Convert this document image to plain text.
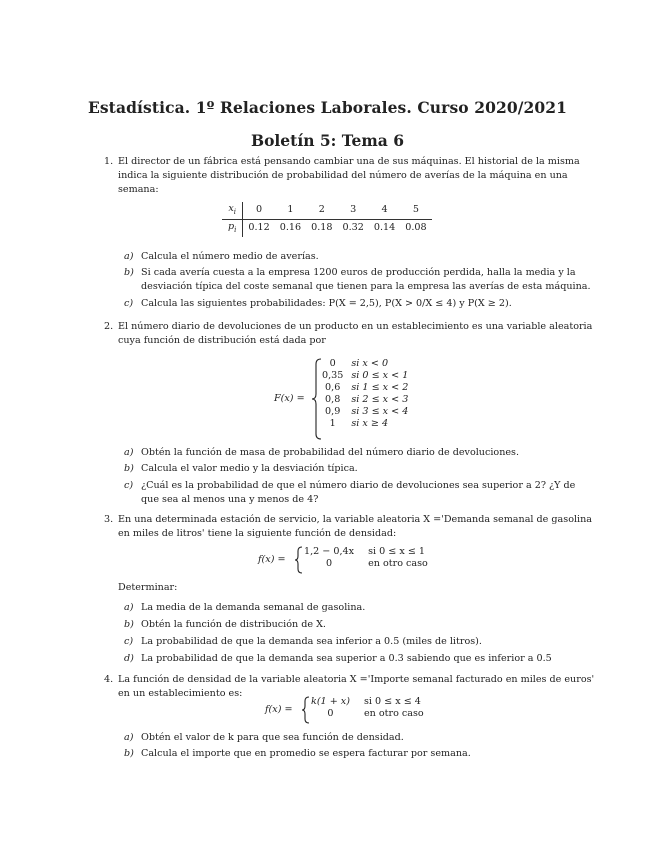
Estadística. 1º Relaciones Laborales. Curso 2020/2021
Boletín 5: Tema 6
1. El director de un fábrica está pensando cambiar una de sus máquinas. El historial de la misma
indica la siguiente distribución de probabilidad del número de averías de la máquina en una
semana:
$x_i$	0	1	2	3	4	5
$p_i$	0.12	0.16	0.18	0.32	0.14	0.08
a) Calcula el número medio de averías.
b) Si cada avería cuesta a la empresa 1200 euros de producción perdida, halla la media y la
desviación típica del coste semanal que tienen para la empresa las averías de esta máquina.
c) Calcula las siguientes probabilidades: P(X = 2,5), P(X > 0/X ≤ 4) y P(X ≥ 2).
2. El número diario de devoluciones de un producto en un establecimiento es una variable aleatoria
cuya función de distribución está dada por
F(x) =
0	si x < 0
0,35	si 0 ≤ x < 1
0,6	si 1 ≤ x < 2
0,8	si 2 ≤ x < 3
0,9	si 3 ≤ x < 4
1	si x ≥ 4
a) Obtén la función de masa de probabilidad del número diario de devoluciones.
b) Calcula el valor medio y la desviación típica.
c) ¿Cuál es la probabilidad de que el número diario de devoluciones sea superior a 2? ¿Y de
que sea al menos una y menos de 4?
3. En una determinada estación de servicio, la variable aleatoria X ='Demanda semanal de gasolina
en miles de litros' tiene la siguiente función de densidad:
f(x) =
1,2 − 0,4x	si 0 ≤ x ≤ 1
0	en otro caso
Determinar:
a) La media de la demanda semanal de gasolina.
b) Obtén la función de distribución de X.
c) La probabilidad de que la demanda sea inferior a 0.5 (miles de litros).
d) La probabilidad de que la demanda sea superior a 0.3 sabiendo que es inferior a 0.5
4. La función de densidad de la variable aleatoria X ='Importe semanal facturado en miles de euros'
en un establecimiento es:
f(x) =
k(1 + x)	si 0 ≤ x ≤ 4
0	en otro caso
a) Obtén el valor de k para que sea función de densidad.
b) Calcula el importe que en promedio se espera facturar por semana.
